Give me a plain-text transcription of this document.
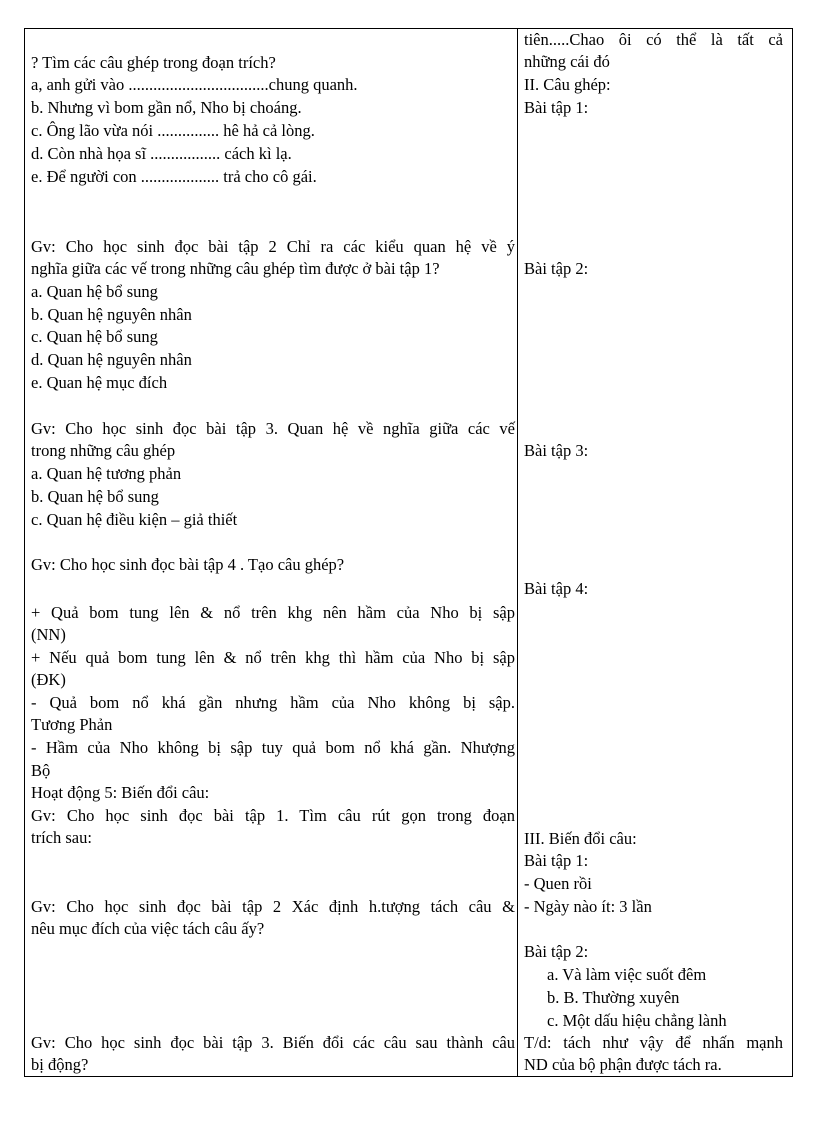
? Tìm các câu ghép trong đoạn trích?
a, anh gửi vào ..................................chung quanh.
b. Nhưng vì bom gần nổ, Nho bị choáng.
c. Ông lão vừa nói ............... hê hả cả lòng.
d. Còn nhà họa sĩ ................. cách kì lạ.
e. Để người con ................... trả cho cô gái.
Gv: Cho học sinh đọc bài tập 2 Chỉ ra các kiểu quan hệ về ý
nghĩa giữa các vế trong những câu ghép tìm được ở bài tập 1?
a. Quan hệ bổ sung
b. Quan hệ nguyên nhân
c. Quan hệ bổ sung
d. Quan hệ nguyên nhân
e. Quan hệ mục đích
Gv: Cho học sinh đọc bài tập 3. Quan hệ về nghĩa giữa các vế
trong những câu ghép
a. Quan hệ tương phản
b. Quan hệ bổ sung
c. Quan hệ điều kiện – giả thiết
Gv: Cho học sinh đọc bài tập 4 . Tạo câu ghép?
+ Quả bom tung lên & nổ trên khg nên hầm của Nho bị sập
(NN)
+ Nếu quả bom tung lên & nổ trên khg thì hầm của Nho bị sập
(ĐK)
- Quả bom nổ khá gần nhưng hầm của Nho không bị sập.
Tương Phản
- Hầm của Nho không bị sập tuy quả bom nổ khá gần. Nhượng
Bộ
Hoạt động 5: Biến đổi câu:
Gv: Cho học sinh đọc bài tập 1. Tìm câu rút gọn trong đoạn
trích sau:
Gv: Cho học sinh đọc bài tập 2 Xác định h.tượng tách câu &
nêu mục đích của việc tách câu ấy?
Gv: Cho học sinh đọc bài tập 3. Biến đổi các câu sau thành câu
bị động?
tiên.....Chao ôi có thể là tất cả
những cái đó
II. Câu ghép:
Bài tập 1:
Bài tập 2:
Bài tập 3:
Bài tập 4:
III. Biến đổi câu:
Bài tập 1:
- Quen rồi
- Ngày nào ít: 3 lần
Bài tập 2:
a. Và làm việc suốt đêm
b. B. Thường xuyên
c. Một dấu hiệu chẳng lành
T/d: tách như vậy để nhấn mạnh
ND của bộ phận được tách ra.
